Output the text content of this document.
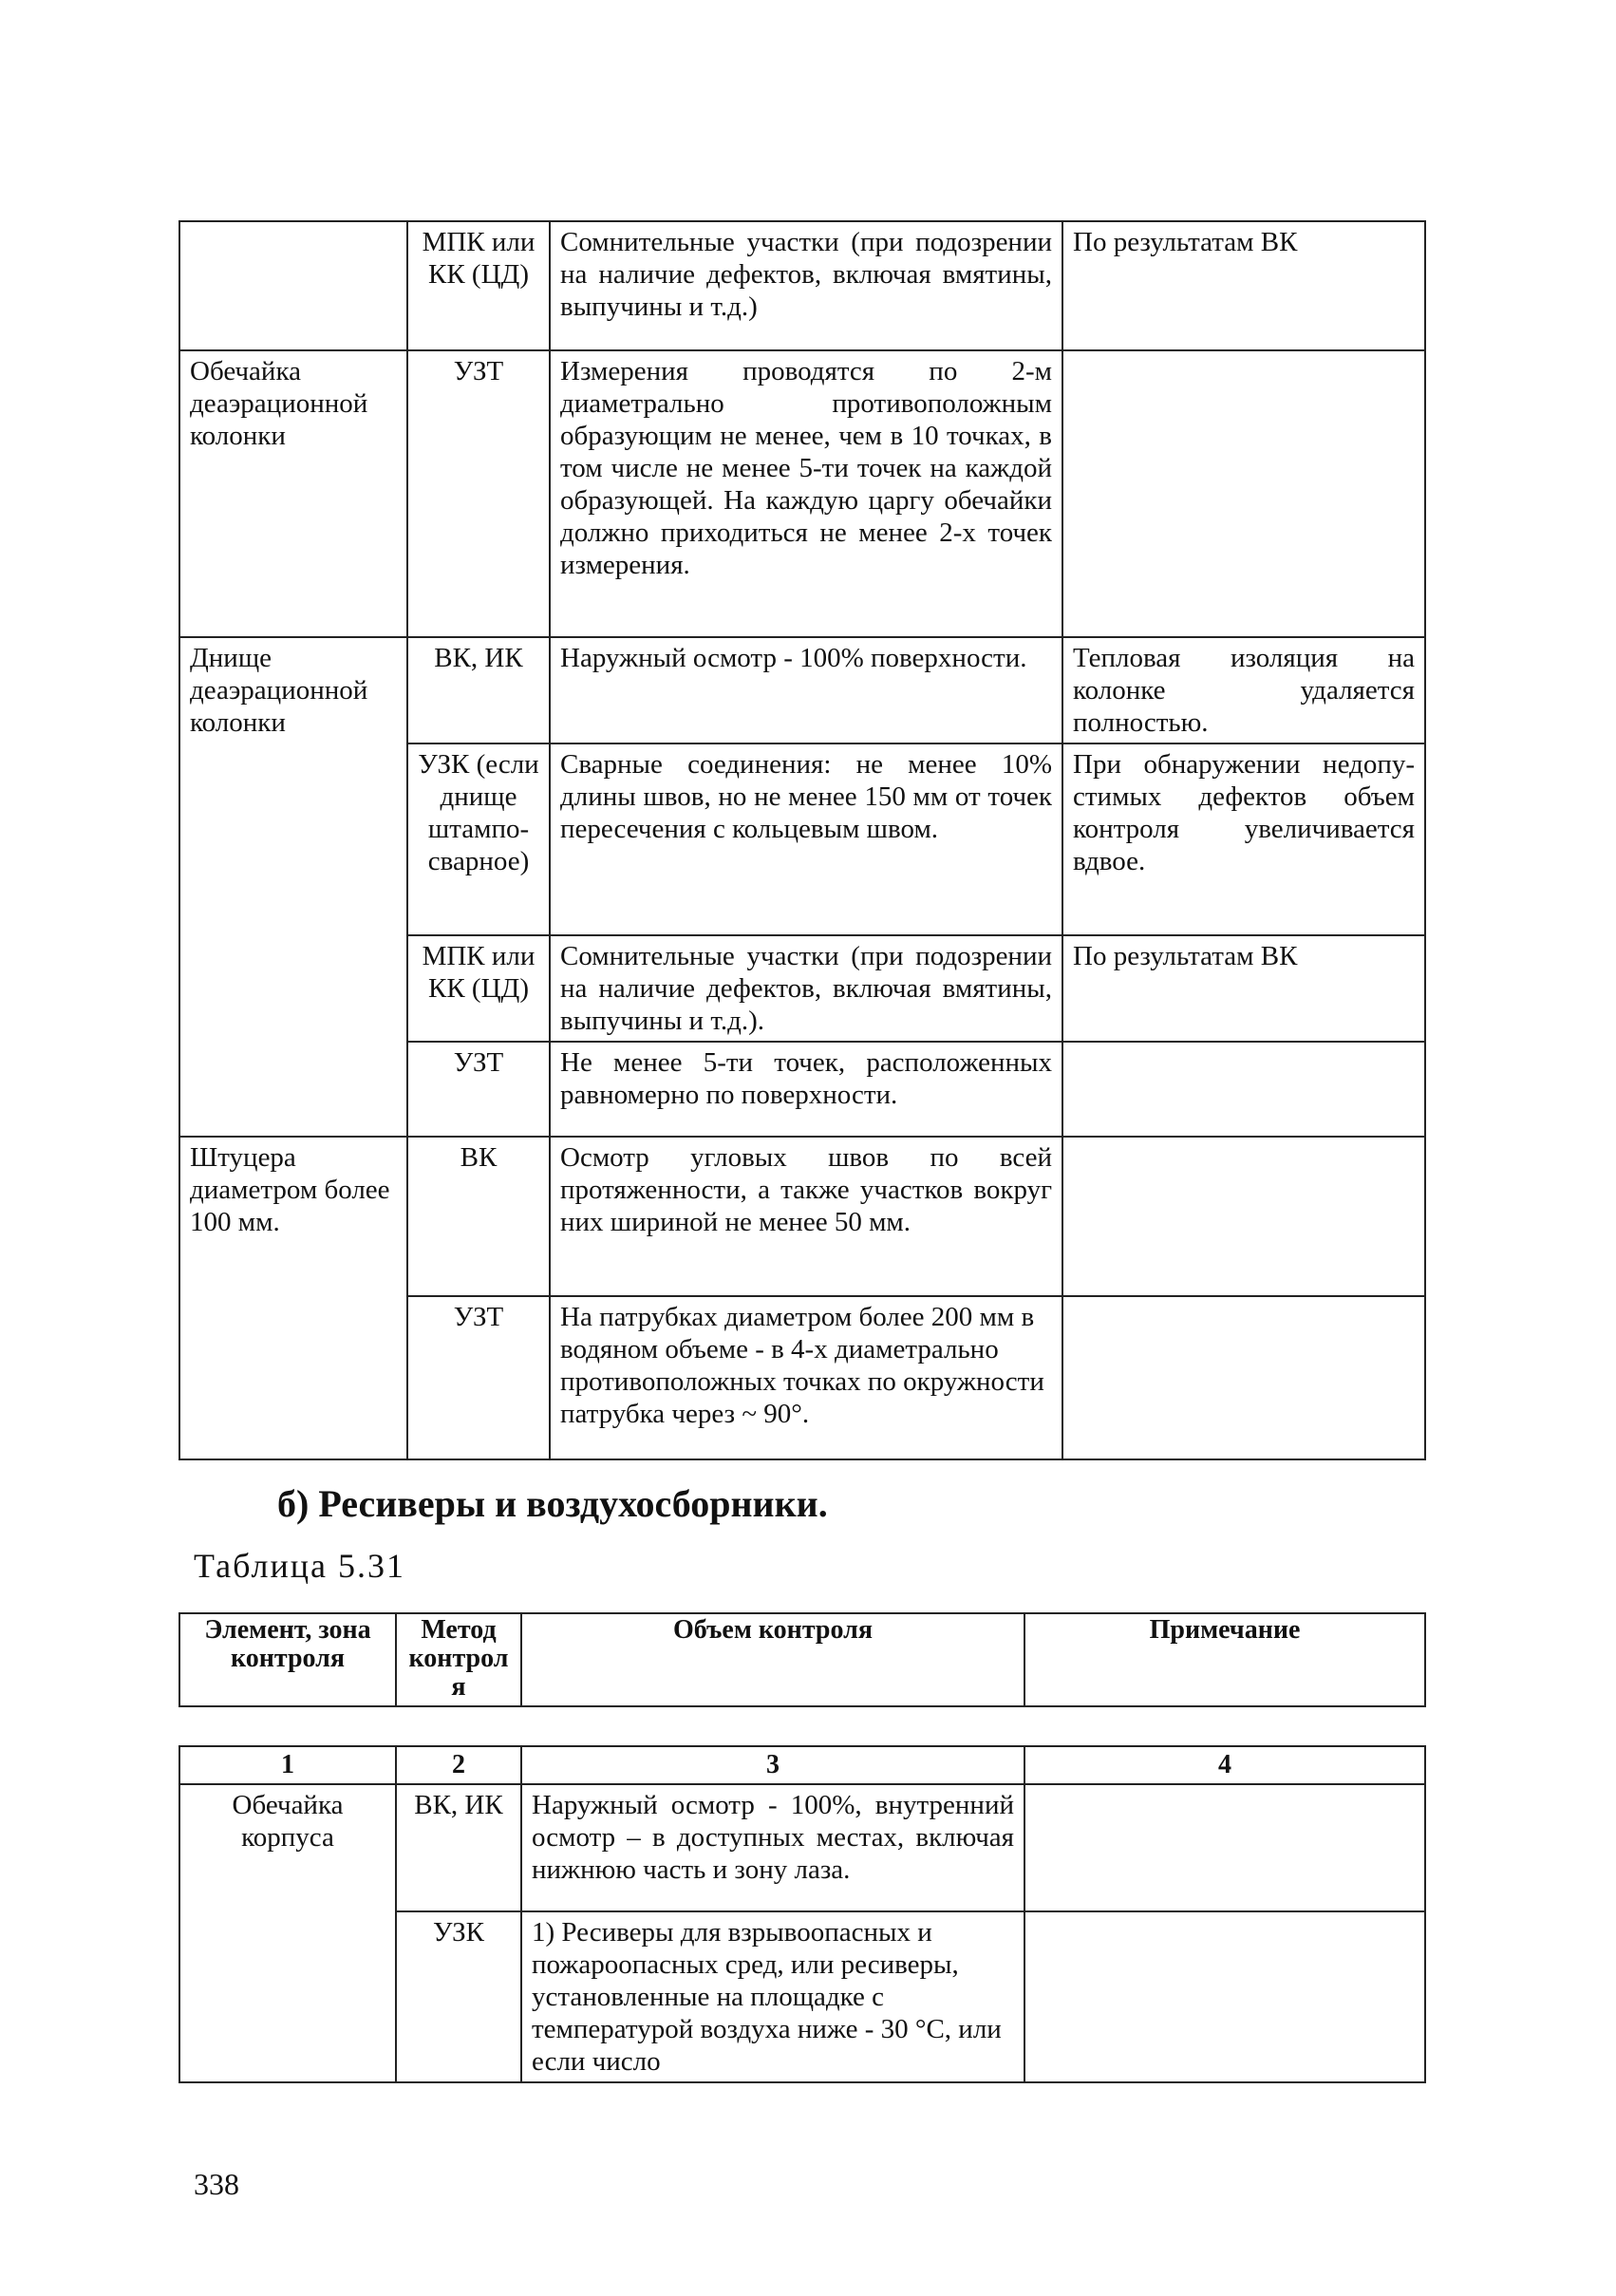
	МПК или КК (ЦД)	Сомнительные участки (при подозрении на наличие дефектов, включая вмятины, выпучины и т.д.)	По результатам ВК
Обечайка деаэрационной колонки	УЗТ	Измерения проводятся по 2-м диаметрально противоположным образующим не менее, чем в 10 точках, в том числе не менее 5-ти точек на каждой образующей. На каждую царгу обечайки должно приходиться не менее 2-х точек измерения.	
Днище деаэрационной колонки	ВК, ИК	Наружный осмотр - 100% поверхности.	Тепловая изоляция на колонке удаляется полностью.
	УЗК (если днище штампо-сварное)	Сварные соединения: не менее 10% длины швов, но не менее 150 мм от точек пересечения с кольцевым швом.	При обнаружении недопу-стимых дефектов объем контроля увеличивается вдвое.
	МПК или КК (ЦД)	Сомнительные участки (при подозрении на наличие дефектов, включая вмятины, выпучины и т.д.).	По результатам ВК
	УЗТ	Не менее 5-ти точек, расположенных равномерно по поверхности.	
Штуцера диаметром более 100 мм.	ВК	Осмотр угловых швов по всей протяженности, а также участков вокруг них шириной не менее 50 мм.	
	УЗТ	На патрубках диаметром более 200 мм в водяном объеме - в 4-х диаметрально противоположных точках по окружности патрубка через ~ 90°.	
б) Ресиверы и воздухосборники.
Таблица 5.31
Элемент, зона контроля	Метод контрол я	Объем контроля	Примечание
1	2	3	4
Обечайка корпуса	ВК, ИК	Наружный осмотр - 100%, внутренний осмотр – в доступных местах, включая нижнюю часть и зону лаза.	
	УЗК	1) Ресиверы для взрывоопасных и пожароопасных сред, или ресиверы, установленные на площадке с температурой воздуха ниже - 30 °С, или если число	
338
